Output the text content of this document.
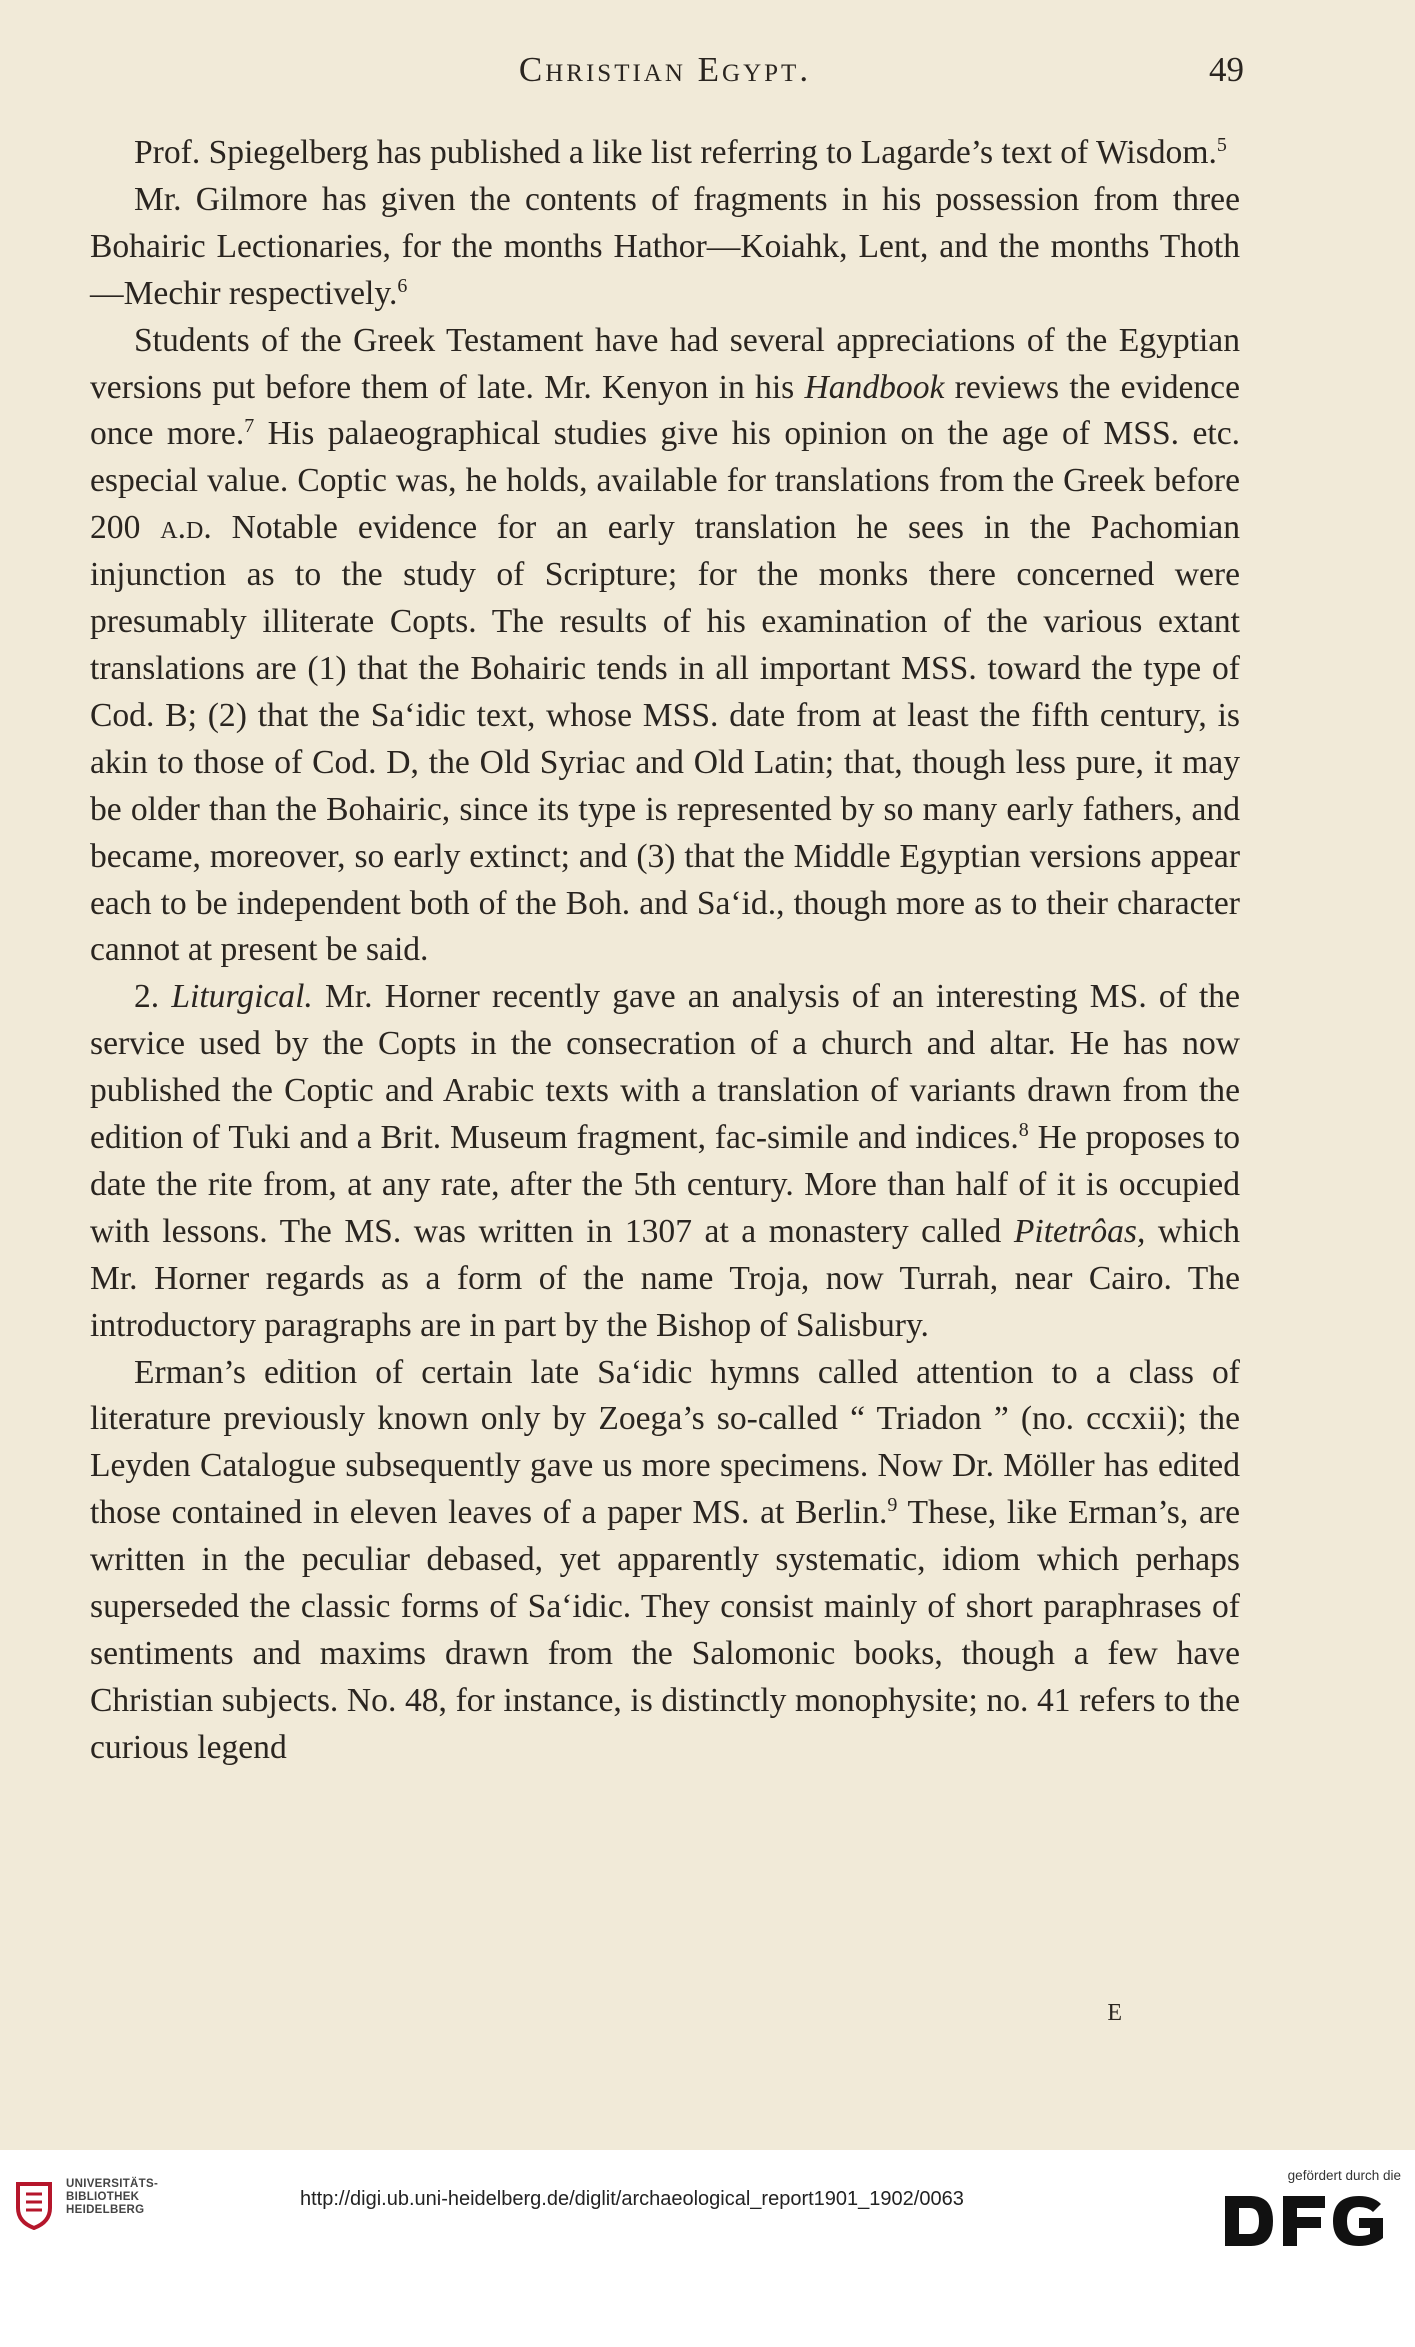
Christian Egypt.	49

Prof. Spiegelberg has published a like list referring to Lagarde’s text of Wisdom.$^5$

Mr. Gilmore has given the contents of fragments in his possession from three Bohairic Lectionaries, for the months Hathor—Koiahk, Lent, and the months Thoth—Mechir respectively.$^6$

Students of the Greek Testament have had several appreciations of the Egyptian versions put before them of late. Mr. Kenyon in his Handbook reviews the evidence once more.$^7$ His palaeographical studies give his opinion on the age of MSS. etc. especial value. Coptic was, he holds, available for translations from the Greek before 200 a.d. Notable evidence for an early translation he sees in the Pachomian injunction as to the study of Scripture; for the monks there concerned were presumably illiterate Copts. The results of his examination of the various extant translations are (1) that the Bohairic tends in all important MSS. toward the type of Cod. B; (2) that the Sa‘idic text, whose MSS. date from at least the fifth century, is akin to those of Cod. D, the Old Syriac and Old Latin; that, though less pure, it may be older than the Bohairic, since its type is represented by so many early fathers, and became, moreover, so early extinct; and (3) that the Middle Egyptian versions appear each to be independent both of the Boh. and Sa‘id., though more as to their character cannot at present be said.

2. Liturgical. Mr. Horner recently gave an analysis of an interesting MS. of the service used by the Copts in the consecration of a church and altar. He has now published the Coptic and Arabic texts with a translation of variants drawn from the edition of Tuki and a Brit. Museum fragment, fac-simile and indices.$^8$ He proposes to date the rite from, at any rate, after the 5th century. More than half of it is occupied with lessons. The MS. was written in 1307 at a monastery called Pitetrôas, which Mr. Horner regards as a form of the name Troja, now Turrah, near Cairo. The introductory paragraphs are in part by the Bishop of Salisbury.

Erman’s edition of certain late Sa‘idic hymns called attention to a class of literature previously known only by Zoega’s so-called “ Triadon ” (no. cccxii); the Leyden Catalogue subsequently gave us more specimens. Now Dr. Möller has edited those contained in eleven leaves of a paper MS. at Berlin.$^9$ These, like Erman’s, are written in the peculiar debased, yet apparently systematic, idiom which perhaps superseded the classic forms of Sa‘idic. They consist mainly of short paraphrases of sentiments and maxims drawn from the Salomonic books, though a few have Christian subjects. No. 48, for instance, is distinctly monophysite; no. 41 refers to the curious legend

E
UNIVERSITÄTS-
BIBLIOTHEK
HEIDELBERG	http://digi.ub.uni-heidelberg.de/diglit/archaeological_report1901_1902/0063
gefördert durch die
